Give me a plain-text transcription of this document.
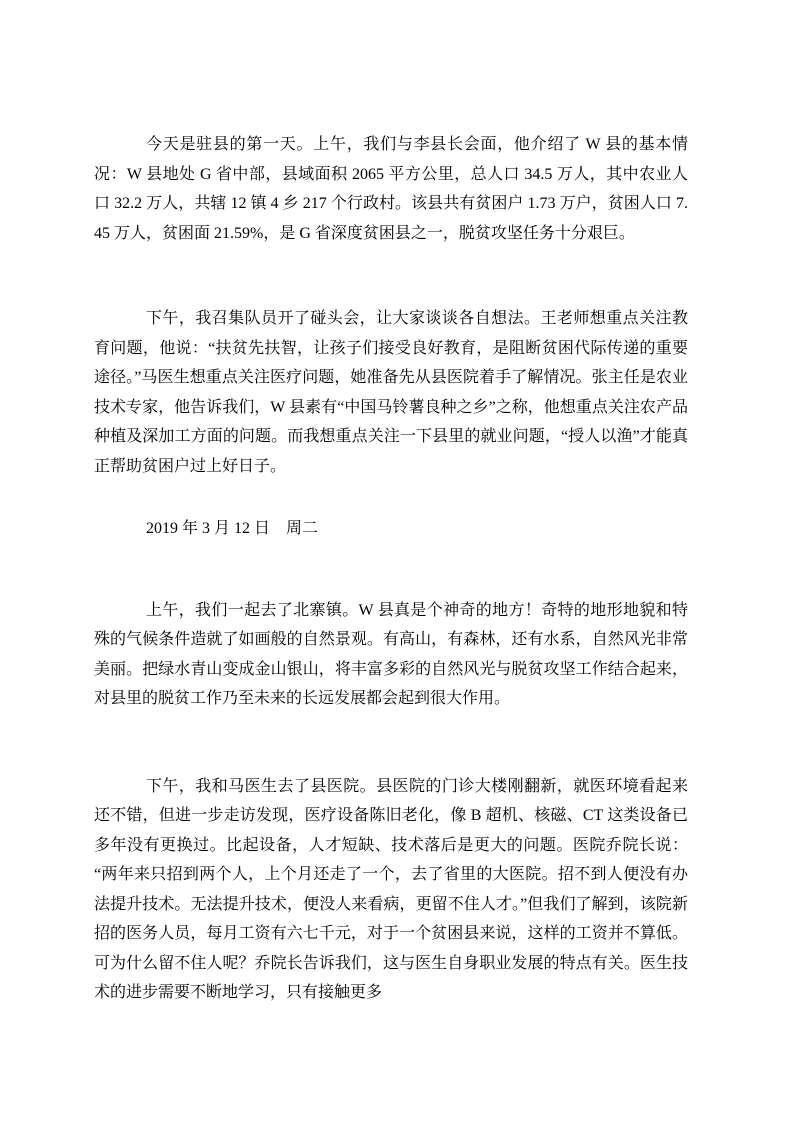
今天是驻县的第一天。上午，我们与李县长会面，他介绍了 W 县的基本情况：W 县地处 G 省中部，县域面积 2065 平方公里，总人口 34.5 万人，其中农业人口 32.2 万人，共辖 12 镇 4 乡 217 个行政村。该县共有贫困户 1.73 万户，贫困人口 7.45 万人，贫困面 21.59%，是 G 省深度贫困县之一，脱贫攻坚任务十分艰巨。

下午，我召集队员开了碰头会，让大家谈谈各自想法。王老师想重点关注教育问题，他说：“扶贫先扶智，让孩子们接受良好教育，是阻断贫困代际传递的重要途径。”马医生想重点关注医疗问题，她准备先从县医院着手了解情况。张主任是农业技术专家，他告诉我们，W 县素有“中国马铃薯良种之乡”之称，他想重点关注农产品种植及深加工方面的问题。而我想重点关注一下县里的就业问题，“授人以渔”才能真正帮助贫困户过上好日子。

2019 年 3 月 12 日　周二

上午，我们一起去了北寨镇。W 县真是个神奇的地方！奇特的地形地貌和特殊的气候条件造就了如画般的自然景观。有高山，有森林，还有水系，自然风光非常美丽。把绿水青山变成金山银山，将丰富多彩的自然风光与脱贫攻坚工作结合起来，对县里的脱贫工作乃至未来的长远发展都会起到很大作用。

下午，我和马医生去了县医院。县医院的门诊大楼刚翻新，就医环境看起来还不错，但进一步走访发现，医疗设备陈旧老化，像 B 超机、核磁、CT 这类设备已多年没有更换过。比起设备，人才短缺、技术落后是更大的问题。医院乔院长说：“两年来只招到两个人，上个月还走了一个，去了省里的大医院。招不到人便没有办法提升技术。无法提升技术，便没人来看病，更留不住人才。”但我们了解到，该院新招的医务人员，每月工资有六七千元，对于一个贫困县来说，这样的工资并不算低。可为什么留不住人呢？乔院长告诉我们，这与医生自身职业发展的特点有关。医生技术的进步需要不断地学习，只有接触更多
